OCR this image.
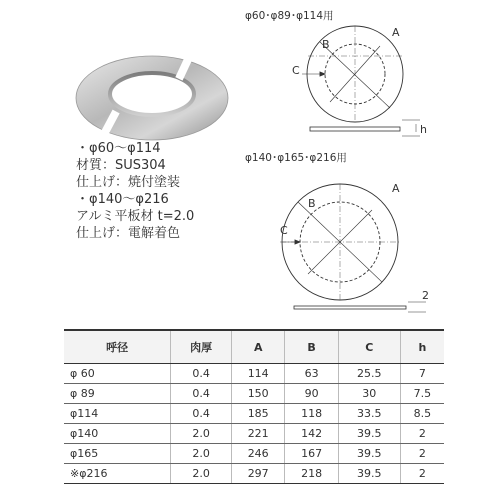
・φ60～φ114
材質：SUS304
仕上げ：焼付塗装
・φ140～φ216
アルミ平板材 t=2.0
仕上げ：電解着色
φ60･φ89･φ114用
φ140･φ165･φ216用
A
B
C
h
A
B
C
2
呼径	肉厚	A	B	C	h
φ 60	0.4	114	63	25.5	7
φ 89	0.4	150	90	30	7.5
φ114	0.4	185	118	33.5	8.5
φ140	2.0	221	142	39.5	2
φ165	2.0	246	167	39.5	2
※φ216	2.0	297	218	39.5	2
